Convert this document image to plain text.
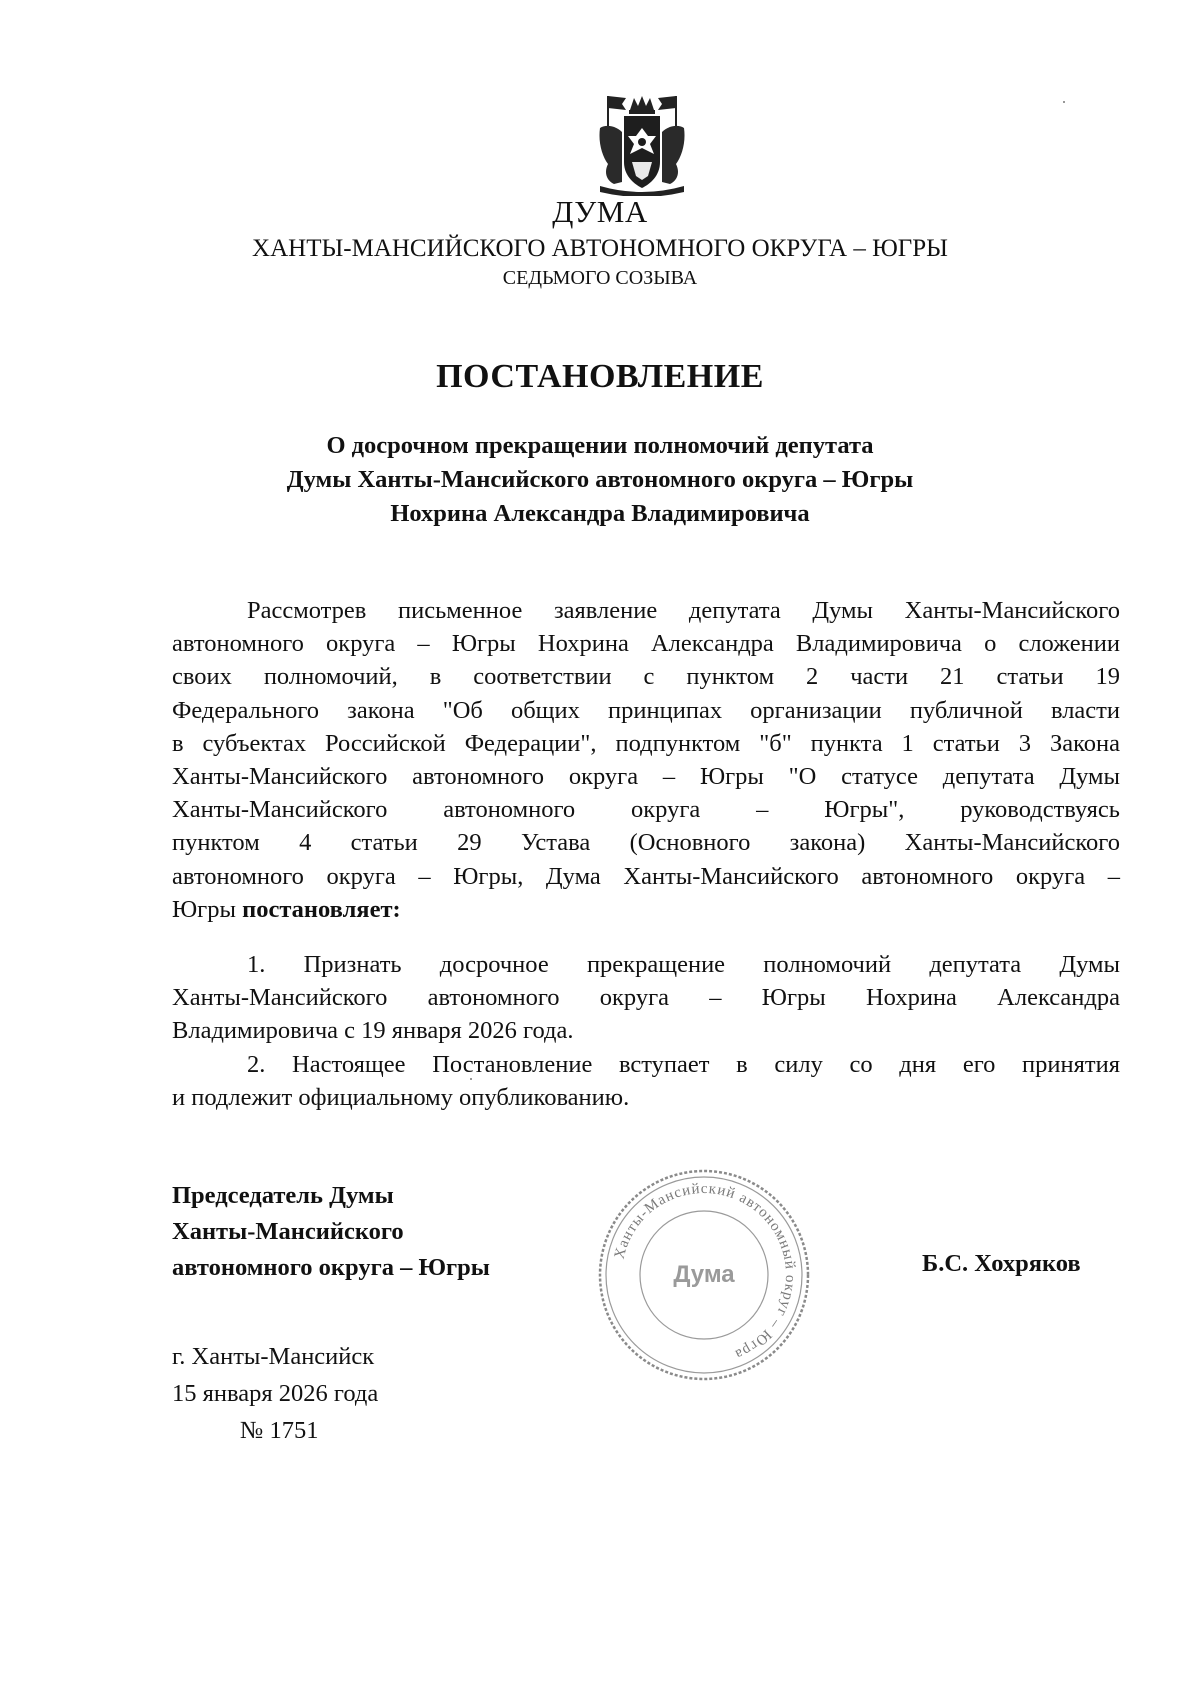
ДУМА
ХАНТЫ-МАНСИЙСКОГО АВТОНОМНОГО ОКРУГА – ЮГРЫ
СЕДЬМОГО СОЗЫВА
ПОСТАНОВЛЕНИЕ
О досрочном прекращении полномочий депутата
Думы Ханты-Мансийского автономного округа – Югры
Нохрина Александра Владимировича
Рассмотрев письменное заявление депутата Думы Ханты-Мансийского
автономного округа – Югры Нохрина Александра Владимировича о сложении
своих полномочий, в соответствии с пунктом 2 части 21 статьи 19
Федерального закона "Об общих принципах организации публичной власти
в субъектах Российской Федерации", подпунктом "б" пункта 1 статьи 3 Закона
Ханты-Мансийского автономного округа – Югры "О статусе депутата Думы
Ханты-Мансийского автономного округа – Югры", руководствуясь
пунктом 4 статьи 29 Устава (Основного закона) Ханты-Мансийского
автономного округа – Югры, Дума Ханты-Мансийского автономного округа –
Югры постановляет:
1. Признать досрочное прекращение полномочий депутата Думы
Ханты-Мансийского автономного округа – Югры Нохрина Александра
Владимировича с 19 января 2026 года.
2. Настоящее Постановление вступает в силу со дня его принятия
и подлежит официальному опубликованию.
Председатель Думы
Ханты-Мансийского
автономного округа – Югры
Ханты-Мансийский автономный округ – Югра
Дума	Б.С. Хохряков
г. Ханты-Мансийск
15 января 2026 года
№ 1751
